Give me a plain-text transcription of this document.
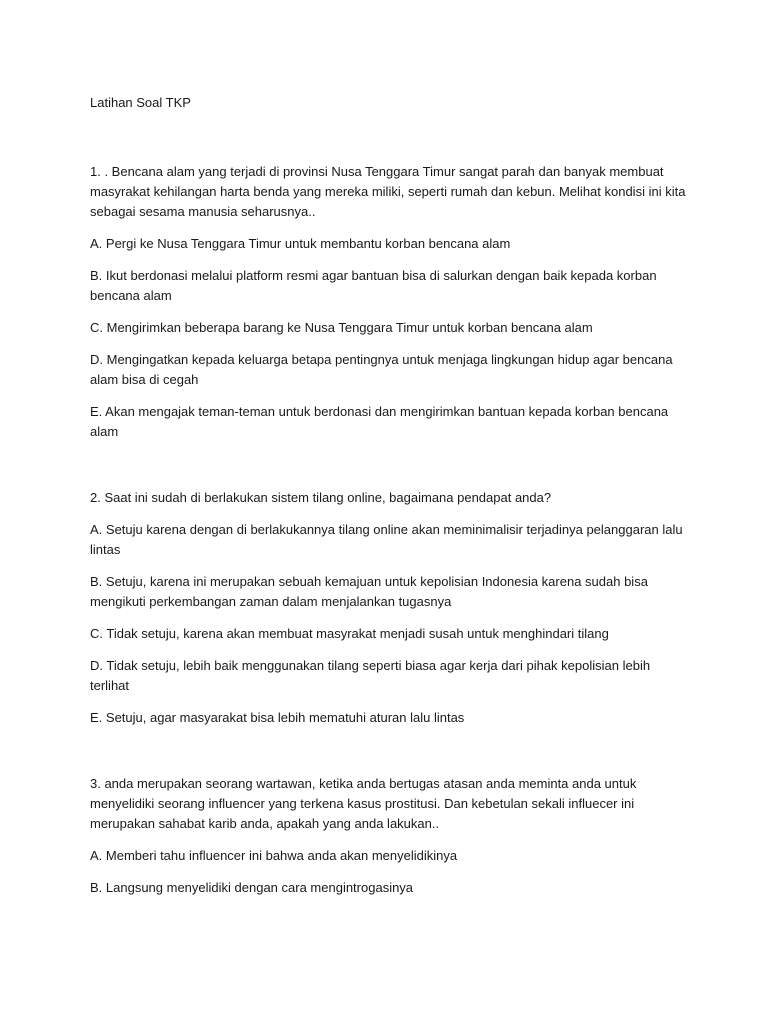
Latihan Soal TKP

1. . Bencana alam yang terjadi di provinsi Nusa Tenggara Timur sangat parah dan banyak membuat masyrakat kehilangan harta benda yang mereka miliki, seperti rumah dan kebun. Melihat kondisi ini kita sebagai sesama manusia seharusnya..

A. Pergi ke Nusa Tenggara Timur untuk membantu korban bencana alam

B. Ikut berdonasi melalui platform resmi agar bantuan bisa di salurkan dengan baik kepada korban bencana alam

C. Mengirimkan beberapa barang ke Nusa Tenggara Timur untuk korban bencana alam

D. Mengingatkan kepada keluarga betapa pentingnya untuk menjaga lingkungan hidup agar bencana alam bisa di cegah

E. Akan mengajak teman-teman untuk berdonasi dan mengirimkan bantuan kepada korban bencana alam

2. Saat ini sudah di berlakukan sistem tilang online, bagaimana pendapat anda?

A. Setuju karena dengan di berlakukannya tilang online akan meminimalisir terjadinya pelanggaran lalu lintas

B. Setuju, karena ini merupakan sebuah kemajuan untuk kepolisian Indonesia karena sudah bisa mengikuti perkembangan zaman dalam menjalankan tugasnya

C. Tidak setuju, karena akan membuat masyrakat menjadi susah untuk menghindari tilang

D. Tidak setuju, lebih baik menggunakan tilang seperti biasa agar kerja dari pihak kepolisian lebih terlihat

E. Setuju, agar masyarakat bisa lebih mematuhi aturan lalu lintas

3. anda merupakan seorang wartawan, ketika anda bertugas atasan anda meminta anda untuk menyelidiki seorang influencer yang terkena kasus prostitusi. Dan kebetulan sekali influecer ini merupakan sahabat karib anda, apakah yang anda lakukan..

A. Memberi tahu influencer ini bahwa anda akan menyelidikinya

B. Langsung menyelidiki dengan cara mengintrogasinya
